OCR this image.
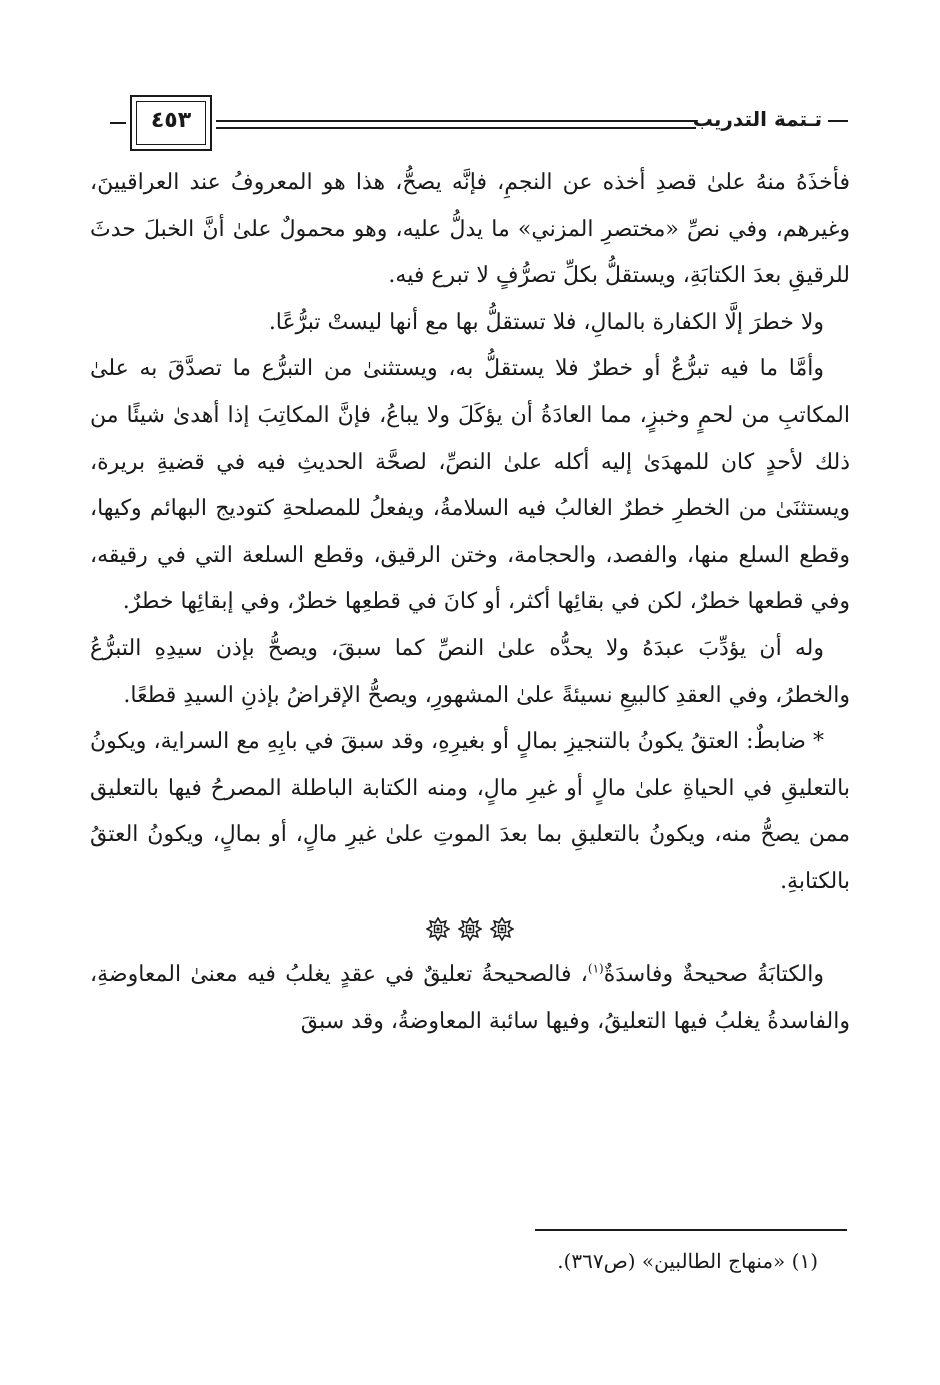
تـتمة التدريب
٤٥٣

فأخذَهُ منهُ علىٰ قصدِ أخذه عن النجمِ، فإنَّه يصحُّ، هذا هو المعروفُ عند العراقيينَ، وغيرهم، وفي نصِّ «مختصرِ المزني» ما يدلُّ عليه، وهو محمولٌ علىٰ أنَّ الخبلَ حدثَ للرقيقِ بعدَ الكتابَةِ، ويستقلُّ بكلِّ تصرُّفٍ لا تبرع فيه.

ولا خطرَ إلَّا الكفارة بالمالِ، فلا تستقلُّ بها مع أنها ليستْ تبرُّعًا.

وأمَّا ما فيه تبرُّعٌ أو خطرٌ فلا يستقلُّ به، ويستثنىٰ من التبرُّع ما تصدَّقَ به علىٰ المكاتبِ من لحمٍ وخبزٍ، مما العادَةُ أن يؤكَلَ ولا يباعُ، فإنَّ المكاتِبَ إذا أهدىٰ شيئًا من ذلك لأحدٍ كان للمهدَىٰ إليه أكله علىٰ النصِّ، لصحَّة الحديثِ فيه في قضيةِ بريرة، ويستثنَىٰ من الخطرِ خطرٌ الغالبُ فيه السلامةُ، ويفعلُ للمصلحةِ كتوديج البهائم وكيها، وقطع السلع منها، والفصد، والحجامة، وختن الرقيق، وقطع السلعة التي في رقيقه، وفي قطعها خطرٌ، لكن في بقائِها أكثر، أو كانَ في قطعِها خطرٌ، وفي إبقائِها خطرٌ.

وله أن يؤدِّبَ عبدَهُ ولا يحدُّه علىٰ النصِّ كما سبقَ، ويصحُّ بإذن سيدِهِ التبرُّعُ والخطرُ، وفي العقدِ كالبيعِ نسيئةً علىٰ المشهورِ، ويصحُّ الإقراضُ بإذنِ السيدِ قطعًا.

* ضابطٌ: العتقُ يكونُ بالتنجيزِ بمالٍ أو بغيرِهِ، وقد سبقَ في بابِهِ مع السراية، ويكونُ بالتعليقِ في الحياةِ علىٰ مالٍ أو غيرِ مالٍ، ومنه الكتابة الباطلة المصرحُ فيها بالتعليق ممن يصحُّ منه، ويكونُ بالتعليقِ بما بعدَ الموتِ علىٰ غيرِ مالٍ، أو بمالٍ، ويكونُ العتقُ بالكتابةِ.

والكتابَةُ صحيحةٌ وفاسدَةٌ$^{(١)}$، فالصحيحةُ تعليقٌ في عقدٍ يغلبُ فيه معنىٰ المعاوضةِ، والفاسدةُ يغلبُ فيها التعليقُ، وفيها سائبة المعاوضةُ، وقد سبقَ

(١) «منهاج الطالبين» (ص٣٦٧).
